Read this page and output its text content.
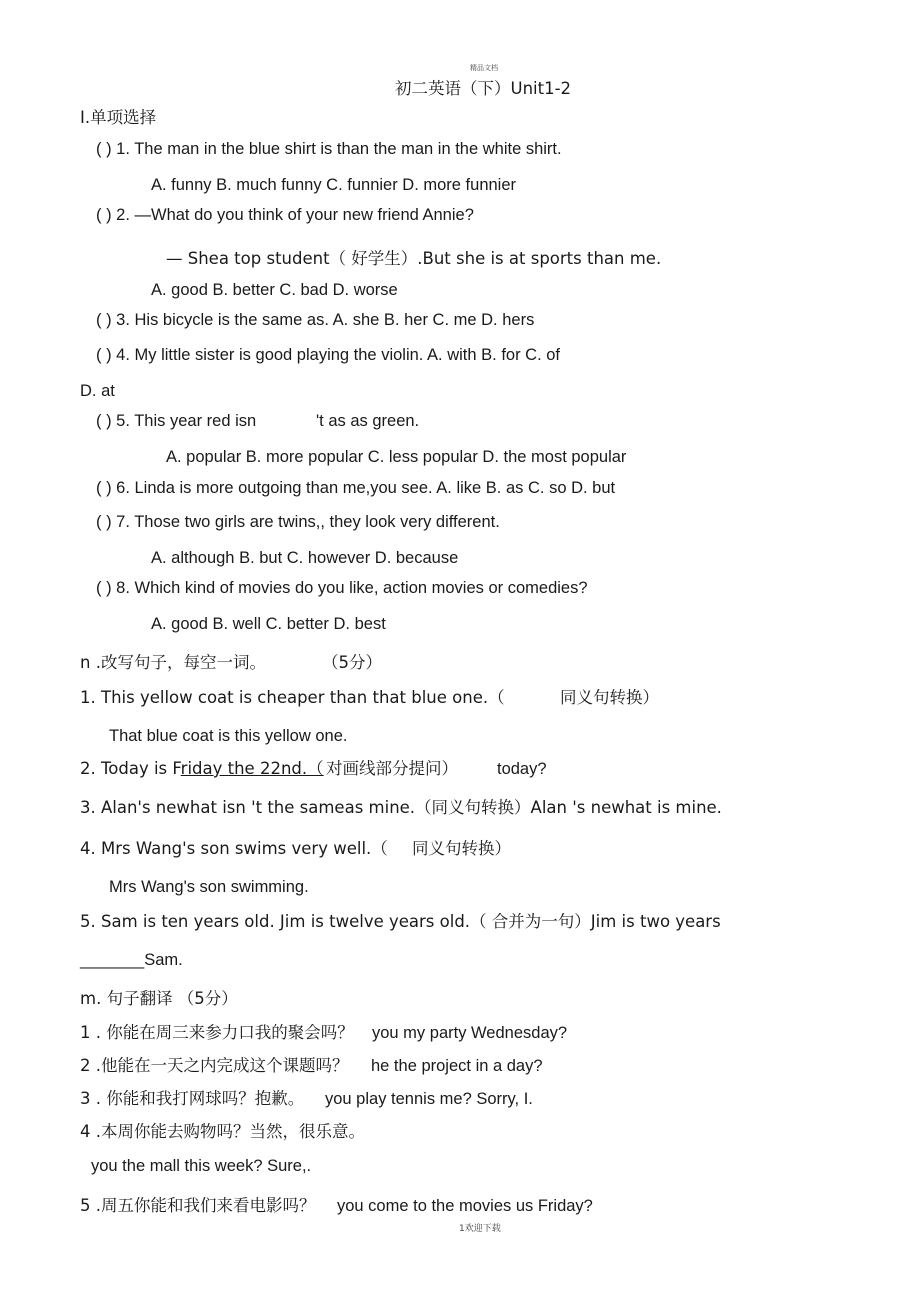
精品文档
初二英语（下）Unit1-2
I.单项选择
( ) 1. The man in the blue shirt is than the man in the white shirt.
A. funny B. much funny C. funnier D. more funnier
( ) 2. —What do you think of your new friend Annie?
— Shea top student（ 好学生）.But she is at sports than me.
A. good B. better C. bad D. worse
( ) 3. His bicycle is the same as. A. she B. her C. me D. hers
( ) 4. My little sister is good playing the violin. A. with B. for C. of
D. at
( ) 5. This year red isn	't as as green.
A. popular B. more popular C. less popular D. the most popular
( ) 6. Linda is more outgoing than me,you see. A. like B. as C. so D. but
( ) 7. Those two girls are twins,, they look very different.
A. although B. but C. however D. because
( ) 8. Which kind of movies do you like, action movies or comedies?
A. good B. well C. better D. best
n .改写句子，每空一词。	（5分）
1. This yellow coat is cheaper than that blue one.（	同义句转换）
That blue coat is this yellow one.
2. Today is Friday the 22nd.（ 对画线部分提问） today?
3. Alan's newhat isn 't the sameas mine.（同义句转换）Alan 's newhat is mine.
4. Mrs Wang's son swims very well.（ 同义句转换）
Mrs Wang's son swimming.
5. Sam is ten years old. Jim is twelve years old.（ 合并为一句）Jim is two years
_______Sam.
m. 句子翻译 （5分）
1 . 你能在周三来参力口我的聚会吗？ you my party Wednesday?
2 .他能在一天之内完成这个课题吗？ he the project in a day?
3 . 你能和我打网球吗？抱歉。 you play tennis me? Sorry, I.
4 .本周你能去购物吗？当然，很乐意。
you the mall this week? Sure,.
5 .周五你能和我们来看电影吗？ you come to the movies us Friday?
1欢迎下载
